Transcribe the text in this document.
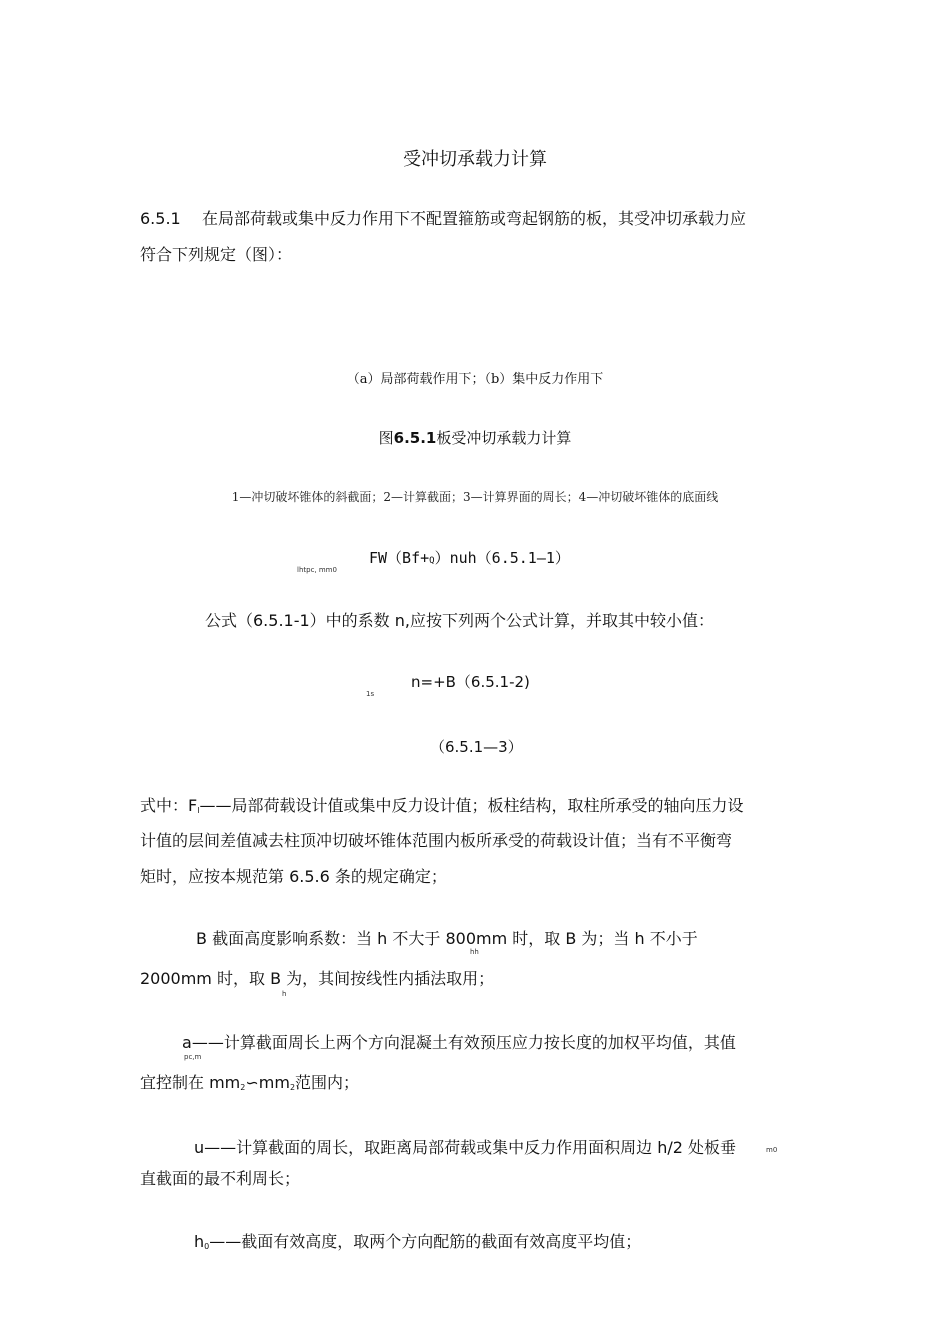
受冲切承载力计算
6.5.1 在局部荷载或集中反力作用下不配置箍筋或弯起钢筋的板，其受冲切承载力应
符合下列规定（图）：
（a）局部荷载作用下；（b）集中反力作用下
图6.5.1板受冲切承载力计算
1—冲切破坏锥体的斜截面；2—计算截面；3—计算界面的周长；4—冲切破坏锥体的底面线
lhtpc, mm0
FW（Bf+Q）nuh（6.5.1—1）
公式（6.5.1-1）中的系数 n,应按下列两个公式计算，并取其中较小值：
1s
n=+B（6.5.1-2)
（6.5.1—3）
式中：$F_l——$局部荷载设计值或集中反力设计值；板柱结构，取柱所承受的轴向压力设
计值的层间差值减去柱顶冲切破坏锥体范围内板所承受的荷载设计值；当有不平衡弯
矩时，应按本规范第 6.5.6 条的规定确定；
B 截面高度影响系数：当 h 不大于 800mm 时，取 B 为；当 h 不小于
hh
2000mm 时，取 B 为，其间按线性内插法取用；
h
a——计算截面周长上两个方向混凝土有效预压应力按长度的加权平均值，其值
pc,m
宜控制在 $mm_2∽mm_2$范围内；
u——计算截面的周长，取距离局部荷载或集中反力作用面积周边 h/2 处板垂	m0
直截面的最不利周长；
$h_0——$截面有效高度，取两个方向配筋的截面有效高度平均值；
